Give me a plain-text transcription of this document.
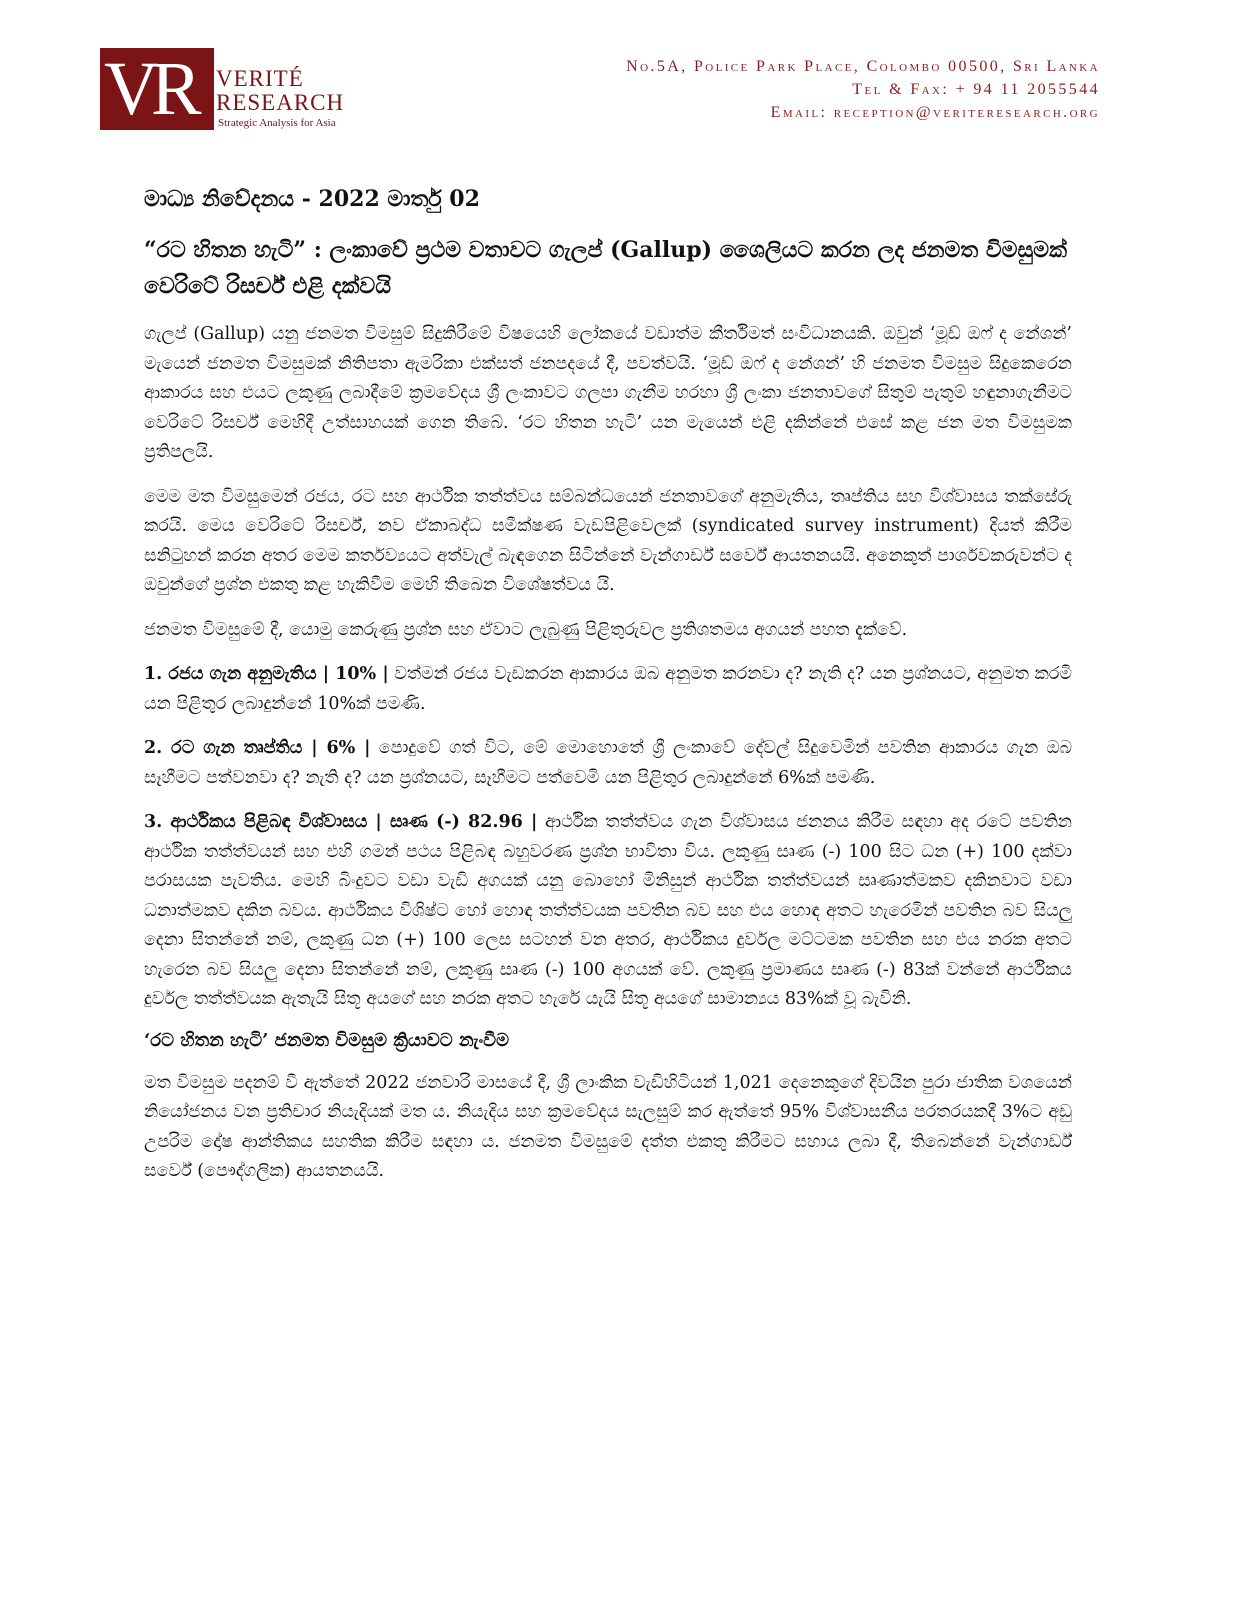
VR VERITÉ
RESEARCH
Strategic Analysis for Asia
No.5A, Police Park Place, Colombo 00500, Sri Lanka
Tel & Fax: + 94 11 2055544
Email: reception@veriteresearch.org
මාධ්‍ය නිවේදනය - 2022 මාර්තු 02
“රට හිතන හැටි” : ලංකාවේ ප්‍රථම වතාවට ගැලප් (Gallup) ශෛලියට කරන ලද ජනමත විමසුමක් වෙරිටේ රිසර්ච් එළි දක්වයි

ගැලප් (Gallup) යනු ජනමත විමසුම් සිදුකිරීමේ විෂයෙහි ලෝකයේ වඩාත්ම කීර්තිමත් සංවිධානයකි. ඔවුන් ‘මූඩ් ඔෆ් ද නේශන්’ මැයෙන් ජනමත විමසුමක් නිතිපතා ඇමරිකා එක්සත් ජනපදයේ දී, පවත්වයි. ‘මූඩ් ඔෆ් ද නේශන්’ හි ජනමත විමසුම සිදුකෙරෙන ආකාරය සහ එයට ලකුණු ලබාදීමේ ක්‍රමවේදය ශ්‍රී ලංකාවට ගලපා ගැනීම හරහා ශ්‍රී ලංකා ජනතාවගේ සිතුම් පැතුම් හඳුනාගැනීමට වෙරිටේ රිසර්ච් මෙහිදී උත්සාහයක් ගෙන තිබේ. ‘රට හිතන හැටි’ යන මැයෙන් එළි දකින්නේ එසේ කළ ජන මත විමසුමක ප්‍රතිපලයි.

මෙම මත විමසුමෙන් රජය, රට සහ ආර්ථික තත්ත්වය සම්බන්ධයෙන් ජනතාවගේ අනුමැතිය, තෘප්තිය සහ විශ්වාසය තක්සේරු කරයි. මෙය වෙරිටේ රිසර්ච්, නව ඒකාබද්ධ සමීක්ෂණ වැඩපිළිවෙලක් (syndicated survey instrument) දියත් කිරීම සනිටුහන් කරන අතර මෙම කර්තව්‍යයට අත්වැල් බැඳගෙන සිටින්නේ වැන්ගාර්ඩ් සර්වේ ආයතනයයි. අනෙකුත් පාර්ශවකරුවන්ට ද ඔවුන්ගේ ප්‍රශ්න එකතු කළ හැකිවීම මෙහි තිබෙන විශේෂත්වය යි.

ජනමත විමසුමේ දී, යොමු කෙරුණු ප්‍රශ්න සහ ඒවාට ලැබුණු පිළිතුරුවල ප්‍රතිශතමය අගයන් පහත දැක්වේ.

1. රජය ගැන අනුමැතිය | 10% | වත්මන් රජය වැඩකරන ආකාරය ඔබ අනුමත කරනවා ද? නැති ද? යන ප්‍රශ්නයට, අනුමත කරමි යන පිළිතුර ලබාදුන්නේ 10%ක් පමණි.

2. රට ගැන තෘප්තිය | 6% | පොදුවේ ගත් විට, මේ මොහොතේ ශ්‍රී ලංකාවේ දේවල් සිදුවෙමින් පවතින ආකාරය ගැන ඔබ සෑහීමට පත්වනවා ද? නැති ද? යන ප්‍රශ්නයට, සෑහීමට පත්වෙමි යන පිළිතුර ලබාදුන්නේ 6%ක් පමණි.

3. ආර්ථිකය පිළිබඳ විශ්වාසය | සෘණ (-) 82.96 | ආර්ථික තත්ත්වය ගැන විශ්වාසය ජනනය කිරීම සඳහා අද රටේ පවතින ආර්ථික තත්ත්වයන් සහ එහි ගමන් පථය පිළිබඳ බහුවරණ ප්‍රශ්න භාවිතා විය. ලකුණු සෘණ (-) 100 සිට ධන (+) 100 දක්වා පරාසයක පැවතිය. මෙහි බිංදුවට වඩා වැඩි අගයක් යනු බොහෝ මිනිසුන් ආර්ථික තත්ත්වයන් සෘණාත්මකව දකිනවාට වඩා ධනාත්මකව දකින බවය. ආර්ථිකය විශිෂ්ට හෝ හොඳ තත්ත්වයක පවතින බව සහ එය හොඳ අතට හැරෙමින් පවතින බව සියලු දෙනා සිතන්නේ නම්, ලකුණු ධන (+) 100 ලෙස සටහන් වන අතර, ආර්ථිකය දුර්වල මට්ටමක පවතින සහ එය නරක අතට හැරෙන බව සියලු දෙනා සිතන්නේ නම්, ලකුණු සෘණ (-) 100 අගයක් වේ. ලකුණු ප්‍රමාණය සෘණ (-) 83ක් වන්නේ ආර්ථිකය දුර්වල තත්ත්වයක ඇතැයි සිතූ අයගේ සහ නරක අතට හැරේ යැයි සිතූ අයගේ සාමාන්‍යය 83%ක් වූ බැවිනි.

‘රට හිතන හැටි’ ජනමත විමසුම ක්‍රියාවට නැංවීම

මත විමසුම පදනම් වී ඇත්තේ 2022 ජනවාරි මාසයේ දී, ශ්‍රී ලාංකික වැඩිහිටියන් 1,021 දෙනෙකුගේ දිවයින පුරා ජාතික වශයෙන් නියෝජනය වන ප්‍රතිචාර නියැදියක් මත ය. නියැදිය සහ ක්‍රමවේදය සැලසුම් කර ඇත්තේ 95% විශ්වාසනීය පරතරයකදී 3%ට අඩු උපරිම දෝෂ ආන්තිකය සහතික කිරීම සඳහා ය. ජනමත විමසුමේ දත්ත එකතු කිරීමට සහාය ලබා දී, තිබෙන්නේ වැන්ගාර්ඩ් සර්වේ (පෞද්ගලික) ආයතනයයි.
